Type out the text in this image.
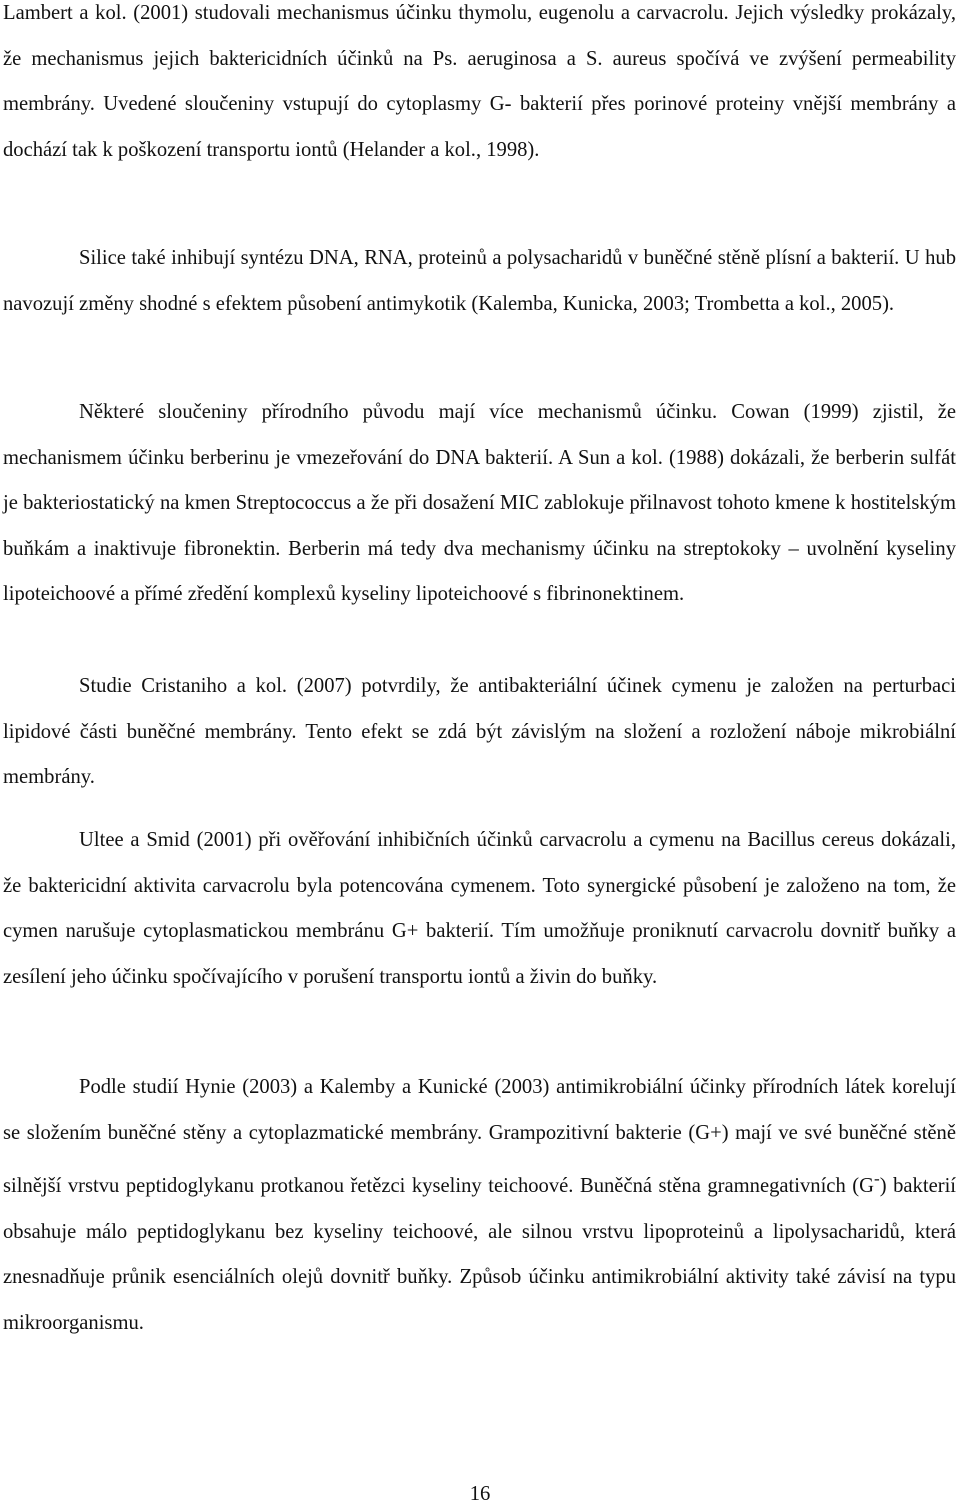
Lambert a kol. (2001) studovali mechanismus účinku thymolu, eugenolu a carvacrolu. Jejich výsledky prokázaly, že mechanismus jejich baktericidních účinků na Ps. aeruginosa a S. aureus spočívá ve zvýšení permeability membrány. Uvedené sloučeniny vstupují do cytoplasmy G- bakterií přes porinové proteiny vnější membrány a dochází tak k poškození transportu iontů (Helander a kol., 1998).

Silice také inhibují syntézu DNA, RNA, proteinů a polysacharidů v buněčné stěně plísní a bakterií. U hub navozují změny shodné s efektem působení antimykotik (Kalemba, Kunicka, 2003; Trombetta a kol., 2005).

Některé sloučeniny přírodního původu mají více mechanismů účinku. Cowan (1999) zjistil, že mechanismem účinku berberinu je vmezeřování do DNA bakterií. A Sun a kol. (1988) dokázali, že berberin sulfát je bakteriostatický na kmen Streptococcus a že při dosažení MIC zablokuje přilnavost tohoto kmene k hostitelským buňkám a inaktivuje fibronektin. Berberin má tedy dva mechanismy účinku na streptokoky – uvolnění kyseliny lipoteichoové a přímé zředění komplexů kyseliny lipoteichoové s fibrinonektinem.

Studie Cristaniho a kol. (2007) potvrdily, že antibakteriální účinek cymenu je založen na perturbaci lipidové části buněčné membrány. Tento efekt se zdá být závislým na složení a rozložení náboje mikrobiální membrány.

Ultee a Smid (2001) při ověřování inhibičních účinků carvacrolu a cymenu na Bacillus cereus dokázali, že baktericidní aktivita carvacrolu byla potencována cymenem. Toto synergické působení je založeno na tom, že cymen narušuje cytoplasmatickou membránu G+ bakterií. Tím umožňuje proniknutí carvacrolu dovnitř buňky a zesílení jeho účinku spočívajícího v porušení transportu iontů a živin do buňky.

Podle studií Hynie (2003) a Kalemby a Kunické (2003) antimikrobiální účinky přírodních látek korelují se složením buněčné stěny a cytoplazmatické membrány. Grampozitivní bakterie (G+) mají ve své buněčné stěně silnější vrstvu peptidoglykanu protkanou řetězci kyseliny teichoové. Buněčná stěna gramnegativních (G-) bakterií obsahuje málo peptidoglykanu bez kyseliny teichoové, ale silnou vrstvu lipoproteinů a lipolysacharidů, která znesnadňuje průnik esenciálních olejů dovnitř buňky. Způsob účinku antimikrobiální aktivity také závisí na typu mikroorganismu.

16
